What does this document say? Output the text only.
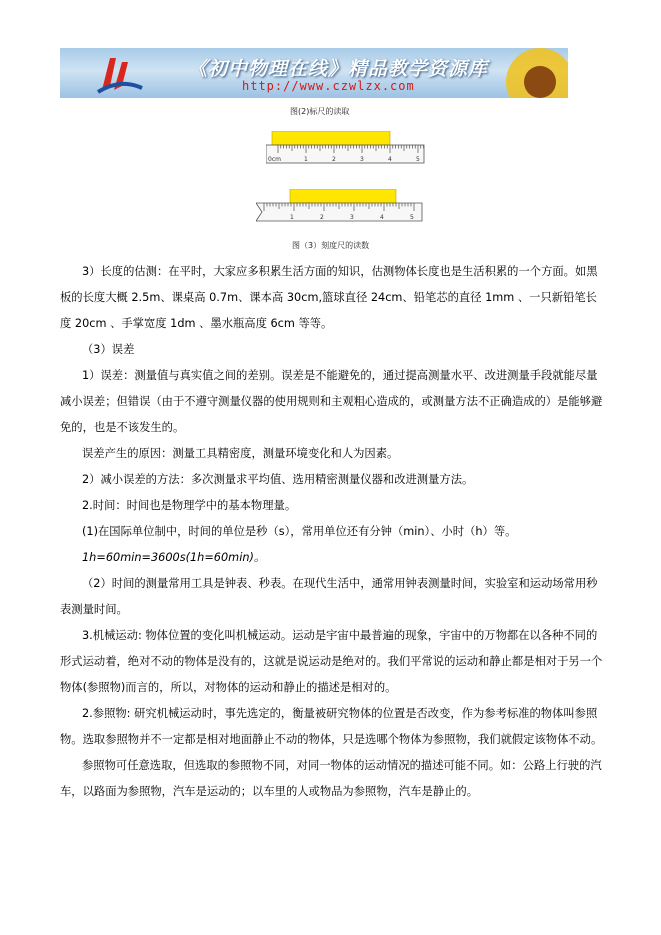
《初中物理在线》精品教学资源库
http://www.czwlzx.com
图(2)标尺的读取
0cm	1	2	3	4	5
1	2	3	4	5
图（3）刻度尺的读数

3）长度的估测：在平时，大家应多积累生活方面的知识，估测物体长度也是生活积累的一个方面。如黑板的长度大概 2.5m、课桌高 0.7m、课本高 30cm,篮球直径 24cm、铅笔芯的直径 1mm 、一只新铅笔长度 20cm 、手掌宽度 1dm 、墨水瓶高度 6cm 等等。

（3）误差

1）误差：测量值与真实值之间的差别。误差是不能避免的，通过提高测量水平、改进测量手段就能尽量减小误差；但错误（由于不遵守测量仪器的使用规则和主观粗心造成的，或测量方法不正确造成的）是能够避免的，也是不该发生的。

误差产生的原因：测量工具精密度，测量环境变化和人为因素。

2）减小误差的方法：多次测量求平均值、选用精密测量仪器和改进测量方法。

2.时间：时间也是物理学中的基本物理量。

(1)在国际单位制中，时间的单位是秒（s），常用单位还有分钟（min）、小时（h）等。

1h=60min=3600s(1h=60min)。

（2）时间的测量常用工具是钟表、秒表。在现代生活中，通常用钟表测量时间，实验室和运动场常用秒表测量时间。

3.机械运动: 物体位置的变化叫机械运动。运动是宇宙中最普遍的现象，宇宙中的万物都在以各种不同的形式运动着，绝对不动的物体是没有的，这就是说运动是绝对的。我们平常说的运动和静止都是相对于另一个物体(参照物)而言的，所以，对物体的运动和静止的描述是相对的。

2.参照物: 研究机械运动时，事先选定的，衡量被研究物体的位置是否改变，作为参考标准的物体叫参照物。选取参照物并不一定都是相对地面静止不动的物体，只是选哪个物体为参照物，我们就假定该物体不动。

参照物可任意选取，但选取的参照物不同，对同一物体的运动情况的描述可能不同。如：公路上行驶的汽车，以路面为参照物，汽车是运动的；以车里的人或物品为参照物，汽车是静止的。
